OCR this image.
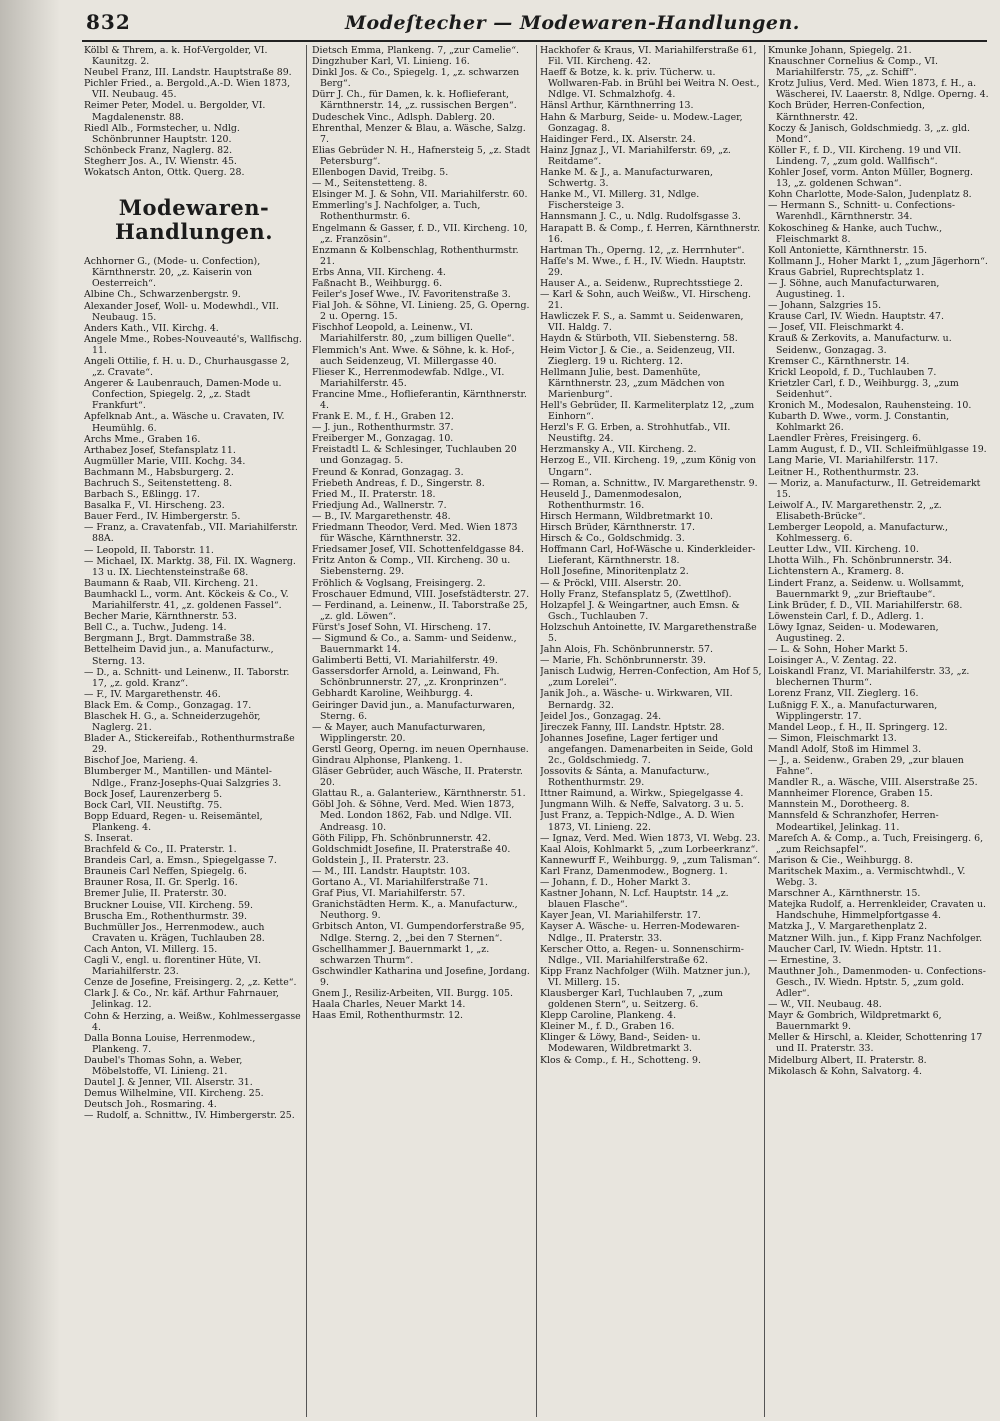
832	Modeſtecher — Modewaren-Handlungen.

Kölbl & Threm, a. k. Hof-Vergolder, VI. Kaunitzg. 2.

Neubel Franz, III. Landstr. Hauptstraße 89.

Pichler Fried., a. Bergold.,A.-D. Wien 1873, VII. Neubaug. 45.

Reimer Peter, Model. u. Bergolder, VI. Magdalenenstr. 88.

Riedl Alb., Formstecher, u. Ndlg. Schönbrunner Hauptstr. 120.

Schönbeck Franz, Naglerg. 82.

Stegherr Jos. A., IV. Wienstr. 45.

Wokatsch Anton, Ottk. Querg. 28.

Modewaren-Handlungen.

Achhorner G., (Mode- u. Confection), Kärnthnerstr. 20, „z. Kaiserin von Oesterreich“.

Albine Ch., Schwarzenbergstr. 9.

Alexander Josef, Woll- u. Modewhdl., VII. Neubaug. 15.

Anders Kath., VII. Kirchg. 4.

Angele Mme., Robes-Nouveauté's, Wallfischg. 11.

Angeli Ottilie, f. H. u. D., Churhausgasse 2, „z. Cravate“.

Angerer & Laubenrauch, Damen-Mode u. Confection, Spiegelg. 2, „z. Stadt Frankfurt“.

Apfelknab Ant., a. Wäsche u. Cravaten, IV. Heumühlg. 6.

Archs Mme., Graben 16.

Arthabez Josef, Stefansplatz 11.

Augmüller Marie, VIII. Kochg. 34.

Bachmann M., Habsburgerg. 2.

Bachruch S., Seitenstetteng. 8.

Barbach S., Eßlingg. 17.

Basalka F., VI. Hirscheng. 23.

Bauer Ferd., IV. Himbergerstr. 5.

— Franz, a. Cravatenfab., VII. Mariahilferstr. 88A.

— Leopold, II. Taborstr. 11.

— Michael, IX. Marktg. 38, Fil. IX. Wagnerg. 13 u. IX. Liechtensteinstraße 68.

Baumann & Raab, VII. Kircheng. 21.

Baumhackl L., vorm. Ant. Köckeis & Co., V. Mariahilferstr. 41, „z. goldenen Fassel“.

Becher Marie, Kärnthnerstr. 53.

Bell C., a. Tuchw., Judeng. 14.

Bergmann J., Brgt. Dammstraße 38.

Bettelheim David jun., a. Manufacturw., Sterng. 13.

— D., a. Schnitt- und Leinenw., II. Taborstr. 17, „z. gold. Kranz“.

— F., IV. Margarethenstr. 46.

Black Em. & Comp., Gonzagag. 17.

Blaschek H. G., a. Schneiderzugehör, Naglerg. 21.

Blader A., Stickereifab., Rothenthurmstraße 29.

Bischof Joe, Marieng. 4.

Blumberger M., Mantillen- und Mäntel-Ndlge., Franz-Josephs-Quai Salzgries 3.

Bock Josef, Laurenzerberg 5.

Bock Carl, VII. Neustiftg. 75.

Bopp Eduard, Regen- u. Reisemäntel, Plankeng. 4.

S. Inserat.

Brachfeld & Co., II. Praterstr. 1.

Brandeis Carl, a. Emsn., Spiegelgasse 7.

Brauneis Carl Neffen, Spiegelg. 6.

Brauner Rosa, II. Gr. Sperlg. 16.

Bremer Julie, II. Praterstr. 30.

Bruckner Louise, VII. Kircheng. 59.

Bruscha Em., Rothenthurmstr. 39.

Buchmüller Jos., Herrenmodew., auch Cravaten u. Krägen, Tuchlauben 28.

Cach Anton, VI. Millerg. 15.

Cagli V., engl. u. florentiner Hüte, VI. Mariahilferstr. 23.

Cenze de Josefine, Freisingerg. 2, „z. Kette“.

Clark J. & Co., Nr. käf. Arthur Fahrnauer, Jelinkag. 12.

Cohn & Herzing, a. Weißw., Kohlmessergasse 4.

Dalla Bonna Louise, Herrenmodew., Plankeng. 7.

Daubel's Thomas Sohn, a. Weber, Möbelstoffe, VI. Linieng. 21.

Dautel J. & Jenner, VII. Alserstr. 31.

Demus Wilhelmine, VII. Kircheng. 25.

Deutsch Joh., Rosmaring. 4.

— Rudolf, a. Schnittw., IV. Himbergerstr. 25.

Dietsch Emma, Plankeng. 7, „zur Camelie“.

Dingzhuber Karl, VI. Linieng. 16.

Dinkl Jos. & Co., Spiegelg. 1, „z. schwarzen Berg“.

Dürr J. Ch., für Damen, k. k. Hoflieferant, Kärnthnerstr. 14, „z. russischen Bergen“.

Dudeschek Vinc., Adlsph. Dablerg. 20.

Ehrenthal, Menzer & Blau, a. Wäsche, Salzg. 7.

Elias Gebrüder N. H., Hafnersteig 5, „z. Stadt Petersburg“.

Ellenbogen David, Treibg. 5.

— M., Seitenstetteng. 8.

Elsinger M. J. & Sohn, VII. Mariahilferstr. 60.

Emmerling's J. Nachfolger, a. Tuch, Rothenthurmstr. 6.

Engelmann & Gasser, f. D., VII. Kircheng. 10, „z. Französin“.

Enzmann & Kolbenschlag, Rothenthurmstr. 21.

Erbs Anna, VII. Kircheng. 4.

Faßnacht B., Weihburgg. 6.

Feiler's Josef Wwe., IV. Favoritenstraße 3.

Fial Joh. & Söhne, VI. Linieng. 25, G. Operng. 2 u. Operng. 15.

Fischhof Leopold, a. Leinenw., VI. Mariahilferstr. 80, „zum billigen Quelle“.

Flemmich's Ant. Wwe. & Söhne, k. k. Hof-, auch Seidenzeug, VI. Millergasse 40.

Flieser K., Herrenmodewfab. Ndlge., VI. Mariahilferstr. 45.

Francine Mme., Hoflieferantin, Kärnthnerstr. 4.

Frank E. M., f. H., Graben 12.

— J. jun., Rothenthurmstr. 37.

Freiberger M., Gonzagag. 10.

Freistadtl L. & Schlesinger, Tuchlauben 20 und Gonzagag. 5.

Freund & Konrad, Gonzagag. 3.

Friebeth Andreas, f. D., Singerstr. 8.

Fried M., II. Praterstr. 18.

Friedjung Ad., Wallnerstr. 7.

— B., IV. Margarethenstr. 48.

Friedmann Theodor, Verd. Med. Wien 1873 für Wäsche, Kärnthnerstr. 32.

Friedsamer Josef, VII. Schottenfeldgasse 84.

Fritz Anton & Comp., VII. Kircheng. 30 u. Siebensterng. 29.

Fröhlich & Voglsang, Freisingerg. 2.

Froschauer Edmund, VIII. Josefstädterstr. 27.

— Ferdinand, a. Leinenw., II. Taborstraße 25, „z. gld. Löwen“.

Fürst's Josef Sohn, VI. Hirscheng. 17.

— Sigmund & Co., a. Samm- und Seidenw., Bauernmarkt 14.

Galimberti Betti, VI. Mariahilferstr. 49.

Gassersdorfer Arnold, a. Leinwand, Fh. Schönbrunnerstr. 27, „z. Kronprinzen“.

Gebhardt Karoline, Weihburgg. 4.

Geiringer David jun., a. Manufacturwaren, Sterng. 6.

— & Mayer, auch Manufacturwaren, Wipplingerstr. 20.

Gerstl Georg, Operng. im neuen Opernhause.

Gindrau Alphonse, Plankeng. 1.

Gläser Gebrüder, auch Wäsche, II. Praterstr. 20.

Glattau R., a. Galanteriew., Kärnthnerstr. 51.

Göbl Joh. & Söhne, Verd. Med. Wien 1873, Med. London 1862, Fab. und Ndlge. VII. Andreasg. 10.

Göth Filipp, Fh. Schönbrunnerstr. 42.

Goldschmidt Josefine, II. Praterstraße 40.

Goldstein J., II. Praterstr. 23.

— M., III. Landstr. Hauptstr. 103.

Gortano A., VI. Mariahilferstraße 71.

Graf Pius, VI. Mariahilferstr. 57.

Granichstädten Herm. K., a. Manufacturw., Neuthorg. 9.

Grbitsch Anton, VI. Gumpendorferstraße 95, Ndlge. Sterng. 2, „bei den 7 Sternen“.

Gschellhammer J. Bauernmarkt 1, „z. schwarzen Thurm“.

Gschwindler Katharina und Josefine, Jordang. 9.

Gnem J., Resiliz-Arbeiten, VII. Burgg. 105.

Haala Charles, Neuer Markt 14.

Haas Emil, Rothenthurmstr. 12.

Hackhofer & Kraus, VI. Mariahilferstraße 61, Fil. VII. Kircheng. 42.

Haeff & Botze, k. k. priv. Tücherw. u. Wollwaren-Fab. in Brühl bei Weitra N. Oest., Ndlge. VI. Schmalzhofg. 4.

Hänsl Arthur, Kärnthnerring 13.

Hahn & Marburg, Seide- u. Modew.-Lager, Gonzagag. 8.

Haidinger Ferd., IX. Alserstr. 24.

Hainz Jgnaz J., VI. Mariahilferstr. 69, „z. Reitdame“.

Hanke M. & J., a. Manufacturwaren, Schwertg. 3.

Hanke M., VI. Millerg. 31, Ndlge. Fischersteige 3.

Hannsmann J. C., u. Ndlg. Rudolfsgasse 3.

Harapatt B. & Comp., f. Herren, Kärnthnerstr. 16.

Hartman Th., Operng. 12, „z. Herrnhuter“.

Haſſe's M. Wwe., f. H., IV. Wiedn. Hauptstr. 29.

Hauser A., a. Seidenw., Ruprechtsstiege 2.

— Karl & Sohn, auch Weißw., VI. Hirscheng. 21.

Hawliczek F. S., a. Sammt u. Seidenwaren, VII. Haldg. 7.

Haydn & Stürboth, VII. Siebensterng. 58.

Heim Victor J. & Cie., a. Seidenzeug, VII. Zieglerg. 19 u. Richterg. 12.

Hellmann Julie, best. Damenhüte, Kärnthnerstr. 23, „zum Mädchen von Marienburg“.

Hell's Gebrüder, II. Karmeliterplatz 12, „zum Einhorn“.

Herzl's F. G. Erben, a. Strohhutfab., VII. Neustiftg. 24.

Herzmansky A., VII. Kircheng. 2.

Herzog E., VII. Kircheng. 19, „zum König von Ungarn“.

— Roman, a. Schnittw., IV. Margarethenstr. 9.

Heuseld J., Damenmodesalon, Rothenthurmstr. 16.

Hirsch Hermann, Wildbretmarkt 10.

Hirsch Brüder, Kärnthnerstr. 17.

Hirsch & Co., Goldschmidg. 3.

Hoffmann Carl, Hof-Wäsche u. Kinderkleider-Lieferant, Kärnthnerstr. 18.

Holl Josefine, Minoritenplatz 2.

— & Pröckl, VIII. Alserstr. 20.

Holly Franz, Stefansplatz 5, (Zwettlhof).

Holzapfel J. & Weingartner, auch Emsn. & Gsch., Tuchlauben 7.

Holzschuh Antoinette, IV. Margarethenstraße 5.

Jahn Alois, Fh. Schönbrunnerstr. 57.

— Marie, Fh. Schönbrunnerstr. 39.

Janisch Ludwig, Herren-Confection, Am Hof 5, „zum Lorelei“.

Janik Joh., a. Wäsche- u. Wirkwaren, VII. Bernardg. 32.

Jeidel Jos., Gonzagag. 24.

Jireczek Fanny, III. Landstr. Hptstr. 28.

Johannes Josefine, Lager fertiger und angefangen. Damenarbeiten in Seide, Gold 2c., Goldschmiedg. 7.

Jossovits & Sánta, a. Manufacturw., Rothenthurmstr. 29.

Ittner Raimund, a. Wirkw., Spiegelgasse 4.

Jungmann Wilh. & Neffe, Salvatorg. 3 u. 5.

Just Franz, a. Teppich-Ndlge., A. D. Wien 1873, VI. Linieng. 22.

— Ignaz, Verd. Med. Wien 1873, VI. Webg. 23.

Kaal Alois, Kohlmarkt 5, „zum Lorbeerkranz“.

Kannewurff F., Weihburgg. 9, „zum Talisman“.

Karl Franz, Damenmodew., Bognerg. 1.

— Johann, f. D., Hoher Markt 3.

Kastner Johann, N. Lcf. Hauptstr. 14 „z. blauen Flasche“.

Kayer Jean, VI. Mariahilferstr. 17.

Kayser A. Wäsche- u. Herren-Modewaren-Ndlge., II. Praterstr. 33.

Kerscher Otto, a. Regen- u. Sonnenschirm-Ndlge., VII. Mariahilferstraße 62.

Kipp Franz Nachfolger (Wilh. Matzner jun.), VI. Millerg. 15.

Klausberger Karl, Tuchlauben 7, „zum goldenen Stern“, u. Seitzerg. 6.

Klepp Caroline, Plankeng. 4.

Kleiner M., f. D., Graben 16.

Klinger & Löwy, Band-, Seiden- u. Modewaren, Wildbretmarkt 3.

Klos & Comp., f. H., Schotteng. 9.

Kmunke Johann, Spiegelg. 21.

Knauschner Cornelius & Comp., VI. Mariahilferstr. 75, „z. Schiff“.

Krotz Julius, Verd. Med. Wien 1873, f. H., a. Wäscherei, IV. Laaerstr. 8, Ndlge. Operng. 4.

Koch Brüder, Herren-Confection, Kärnthnerstr. 42.

Koczy & Janisch, Goldschmiedg. 3, „z. gld. Mond“.

Köller F., f. D., VII. Kircheng. 19 und VII. Lindeng. 7, „zum gold. Wallfisch“.

Kohler Josef, vorm. Anton Müller, Bognerg. 13, „z. goldenen Schwan“.

Kohn Charlotte, Mode-Salon, Judenplatz 8.

— Hermann S., Schnitt- u. Confections-Warenhdl., Kärnthnerstr. 34.

Kokoschineg & Hanke, auch Tuchw., Fleischmarkt 8.

Koll Antoniette, Kärnthnerstr. 15.

Kollmann J., Hoher Markt 1, „zum Jägerhorn“.

Kraus Gabriel, Ruprechtsplatz 1.

— J. Söhne, auch Manufacturwaren, Augustineg. 1.

— Johann, Salzgries 15.

Krause Carl, IV. Wiedn. Hauptstr. 47.

— Josef, VII. Fleischmarkt 4.

Krauß & Zerkovits, a. Manufacturw. u. Seidenw., Gonzagag. 3.

Kremser C., Kärnthnerstr. 14.

Krickl Leopold, f. D., Tuchlauben 7.

Krietzler Carl, f. D., Weihburgg. 3, „zum Seidenhut“.

Kronich M., Modesalon, Rauhensteing. 10.

Kubarth D. Wwe., vorm. J. Constantin, Kohlmarkt 26.

Laendler Frères, Freisingerg. 6.

Lamm August, f. D., VII. Schleifmühlgasse 19.

Lang Marie, VI. Mariahilferstr. 117.

Leitner H., Rothenthurmstr. 23.

— Moriz, a. Manufacturw., II. Getreidemarkt 15.

Leiwolf A., IV. Margarethenstr. 2, „z. Elisabeth-Brücke“.

Lemberger Leopold, a. Manufacturw., Kohlmesserg. 6.

Leutter Ldw., VII. Kircheng. 10.

Lhotta Wilh., Fh. Schönbrunnerstr. 34.

Lichtenstern A., Kramerg. 8.

Lindert Franz, a. Seidenw. u. Wollsammt, Bauernmarkt 9, „zur Brieftaube“.

Link Brüder, f. D., VII. Mariahilferstr. 68.

Löwenstein Carl, f. D., Adlerg. 1.

Löwy Ignaz, Seiden- u. Modewaren, Augustineg. 2.

— L. & Sohn, Hoher Markt 5.

Loisinger A., V. Zentag. 22.

Loiskandl Franz, VI. Mariahilferstr. 33, „z. blechernen Thurm“.

Lorenz Franz, VII. Zieglerg. 16.

Lußnigg F. X., a. Manufacturwaren, Wipplingerstr. 17.

Mandel Leop., f. H., II. Springerg. 12.

— Simon, Fleischmarkt 13.

Mandl Adolf, Stoß im Himmel 3.

— J., a. Seidenw., Graben 29, „zur blauen Fahne“.

Mandler R., a. Wäsche, VIII. Alserstraße 25.

Mannheimer Florence, Graben 15.

Mannstein M., Dorotheerg. 8.

Mannsfeld & Schranzhofer, Herren-Modeartikel, Jelinkag. 11.

Mareſch A. & Comp., a. Tuch, Freisingerg. 6, „zum Reichsapfel“.

Marison & Cie., Weihburgg. 8.

Maritschek Maxim., a. Vermischtwhdl., V. Webg. 3.

Marschner A., Kärnthnerstr. 15.

Matejka Rudolf, a. Herrenkleider, Cravaten u. Handschuhe, Himmelpfortgasse 4.

Matzka J., V. Margarethenplatz 2.

Matzner Wilh. jun., f. Kipp Franz Nachfolger.

Maucher Carl, IV. Wiedn. Hptstr. 11.

— Ernestine, 3.

Mauthner Joh., Damenmoden- u. Confections-Gesch., IV. Wiedn. Hptstr. 5, „zum gold. Adler“.

— W., VII. Neubaug. 48.

Mayr & Gombrich, Wildpretmarkt 6, Bauernmarkt 9.

Meller & Hirschl, a. Kleider, Schottenring 17 und II. Praterstr. 33.

Midelburg Albert, II. Praterstr. 8.

Mikolasch & Kohn, Salvatorg. 4.
